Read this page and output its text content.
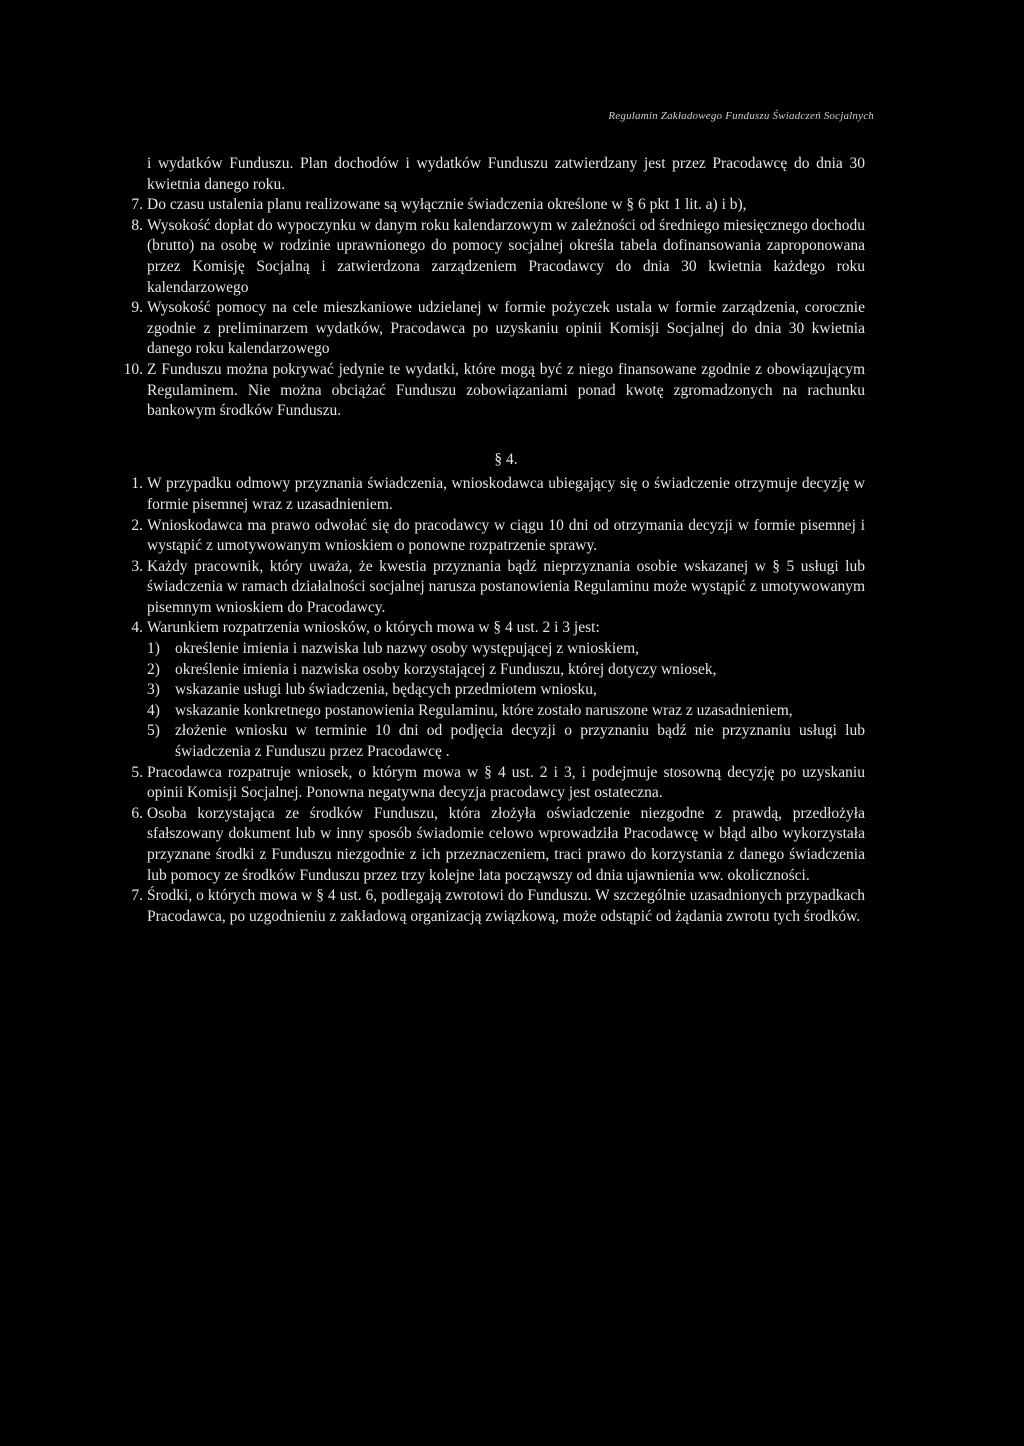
Regulamin Zakładowego Funduszu Świadczeń Socjalnych

i wydatków Funduszu. Plan dochodów i wydatków Funduszu zatwierdzany jest przez Pracodawcę do dnia 30 kwietnia danego roku.

7. Do czasu ustalenia planu realizowane są wyłącznie świadczenia określone w § 6 pkt 1 lit. a) i b),
8. Wysokość dopłat do wypoczynku w danym roku kalendarzowym w zależności od średniego miesięcznego dochodu (brutto) na osobę w rodzinie uprawnionego do pomocy socjalnej określa tabela dofinansowania zaproponowana przez Komisję Socjalną i zatwierdzona zarządzeniem Pracodawcy do dnia 30 kwietnia każdego roku kalendarzowego
9. Wysokość pomocy na cele mieszkaniowe udzielanej w formie pożyczek ustala w formie zarządzenia, corocznie zgodnie z preliminarzem wydatków, Pracodawca po uzyskaniu opinii Komisji Socjalnej do dnia 30 kwietnia danego roku kalendarzowego
10. Z Funduszu można pokrywać jedynie te wydatki, które mogą być z niego finansowane zgodnie z obowiązującym Regulaminem. Nie można obciążać Funduszu zobowiązaniami ponad kwotę zgromadzonych na rachunku bankowym środków Funduszu.
§ 4.
1. W przypadku odmowy przyznania świadczenia, wnioskodawca ubiegający się o świadczenie otrzymuje decyzję w formie pisemnej wraz z uzasadnieniem.
2. Wnioskodawca ma prawo odwołać się do pracodawcy w ciągu 10 dni od otrzymania decyzji w formie pisemnej i wystąpić z umotywowanym wnioskiem o ponowne rozpatrzenie sprawy.
3. Każdy pracownik, który uważa, że kwestia przyznania bądź nieprzyznania osobie wskazanej w § 5 usługi lub świadczenia w ramach działalności socjalnej narusza postanowienia Regulaminu może wystąpić z umotywowanym pisemnym wnioskiem do Pracodawcy.
4. Warunkiem rozpatrzenia wniosków, o których mowa w § 4 ust. 2 i 3 jest:
1) określenie imienia i nazwiska lub nazwy osoby występującej z wnioskiem,
2) określenie imienia i nazwiska osoby korzystającej z Funduszu, której dotyczy wniosek,
3) wskazanie usługi lub świadczenia, będących przedmiotem wniosku,
4) wskazanie konkretnego postanowienia Regulaminu, które zostało naruszone wraz z uzasadnieniem,
5) złożenie wniosku w terminie 10 dni od podjęcia decyzji o przyznaniu bądź nie przyznaniu usługi lub świadczenia z Funduszu przez Pracodawcę .
5. Pracodawca rozpatruje wniosek, o którym mowa w § 4 ust. 2 i 3, i podejmuje stosowną decyzję po uzyskaniu opinii Komisji Socjalnej. Ponowna negatywna decyzja pracodawcy jest ostateczna.
6. Osoba korzystająca ze środków Funduszu, która złożyła oświadczenie niezgodne z prawdą, przedłożyła sfałszowany dokument lub w inny sposób świadomie celowo wprowadziła Pracodawcę w błąd albo wykorzystała przyznane środki z Funduszu niezgodnie z ich przeznaczeniem, traci prawo do korzystania z danego świadczenia lub pomocy ze środków Funduszu przez trzy kolejne lata począwszy od dnia ujawnienia ww. okoliczności.
7. Środki, o których mowa w § 4 ust. 6, podlegają zwrotowi do Funduszu. W szczególnie uzasadnionych przypadkach Pracodawca, po uzgodnieniu z zakładową organizacją związkową, może odstąpić od żądania zwrotu tych środków.
